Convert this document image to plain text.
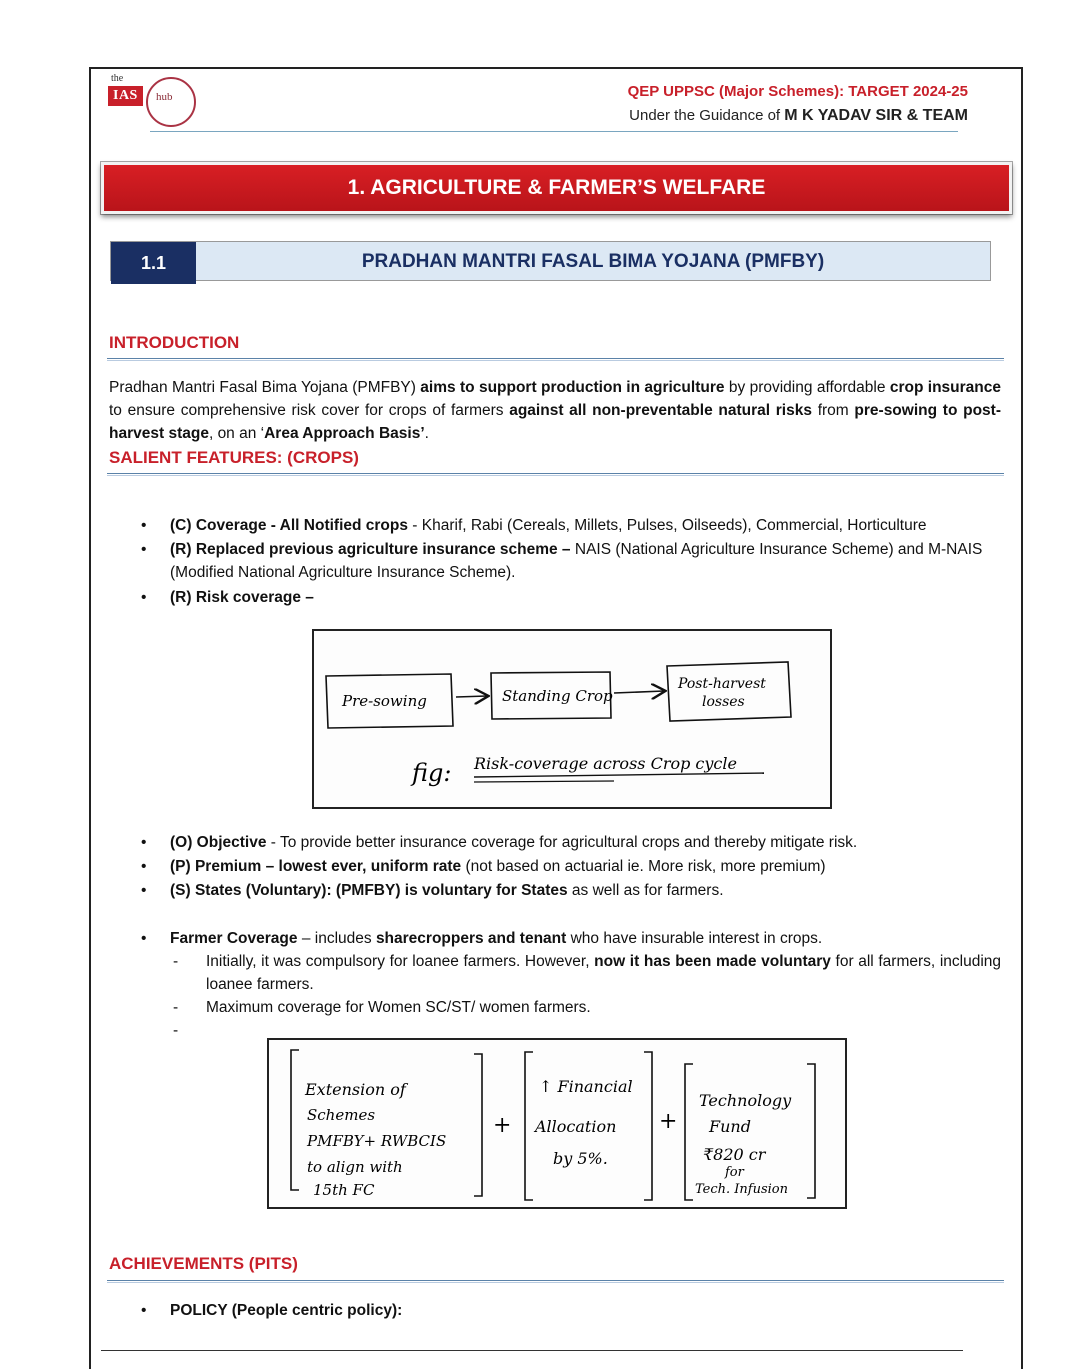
the
IAS	hub	QEP UPPSC (Major Schemes): TARGET 2024-25
Under the Guidance of M K YADAV SIR & TEAM
1. AGRICULTURE & FARMER’S WELFARE
1.1	PRADHAN MANTRI FASAL BIMA YOJANA (PMFBY)
INTRODUCTION
Pradhan Mantri Fasal Bima Yojana (PMFBY) aims to support production in agriculture by providing affordable crop insurance to ensure comprehensive risk cover for crops of farmers against all non-preventable natural risks from pre-sowing to post-harvest stage, on an ‘Area Approach Basis’.
SALIENT FEATURES: (CROPS)
• (C) Coverage - All Notified crops - Kharif, Rabi (Cereals, Millets, Pulses, Oilseeds), Commercial, Horticulture
• (R) Replaced previous agriculture insurance scheme – NAIS (National Agriculture Insurance Scheme) and M-NAIS (Modified National Agriculture Insurance Scheme).
• (R) Risk coverage –
Pre-sowing	Standing Crop
Post-harvest
losses
fig: Risk-coverage across Crop cycle
• (O) Objective - To provide better insurance coverage for agricultural crops and thereby mitigate risk.
• (P) Premium – lowest ever, uniform rate (not based on actuarial ie. More risk, more premium)
• (S) States (Voluntary): (PMFBY) is voluntary for States as well as for farmers.
• Farmer Coverage – includes sharecroppers and tenant who have insurable interest in crops.
- Initially, it was compulsory for loanee farmers. However, now it has been made voluntary for all farmers, including loanee farmers.
- Maximum coverage for Women SC/ST/ women farmers.
-
Extension of
Schemes
PMFBY+ RWBCIS
to align with
15th FC
+
↑ Financial
Allocation
by 5%.
+
Technology
Fund
₹820 cr
for
Tech. Infusion
ACHIEVEMENTS (PITS)
• POLICY (People centric policy):
